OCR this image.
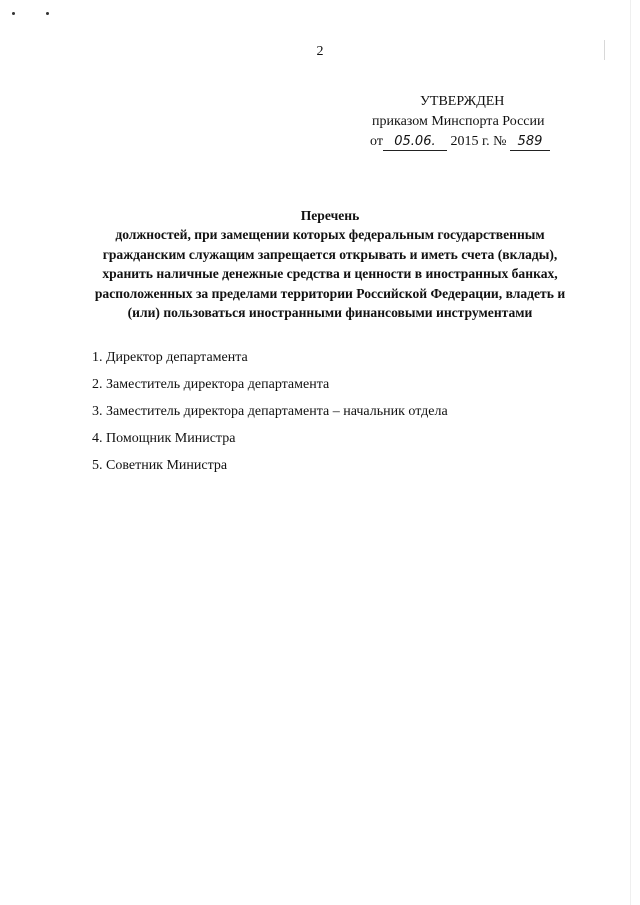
2
УТВЕРЖДЕН
приказом Минспорта России
от 05.06. 2015 г. № 589
Перечень
должностей, при замещении которых федеральным государственным
гражданским служащим запрещается открывать и иметь счета (вклады),
хранить наличные денежные средства и ценности в иностранных банках,
расположенных за пределами территории Российской Федерации, владеть и
(или) пользоваться иностранными финансовыми инструментами
1. Директор департамента
2. Заместитель директора департамента
3. Заместитель директора департамента – начальник отдела
4. Помощник Министра
5. Советник Министра
